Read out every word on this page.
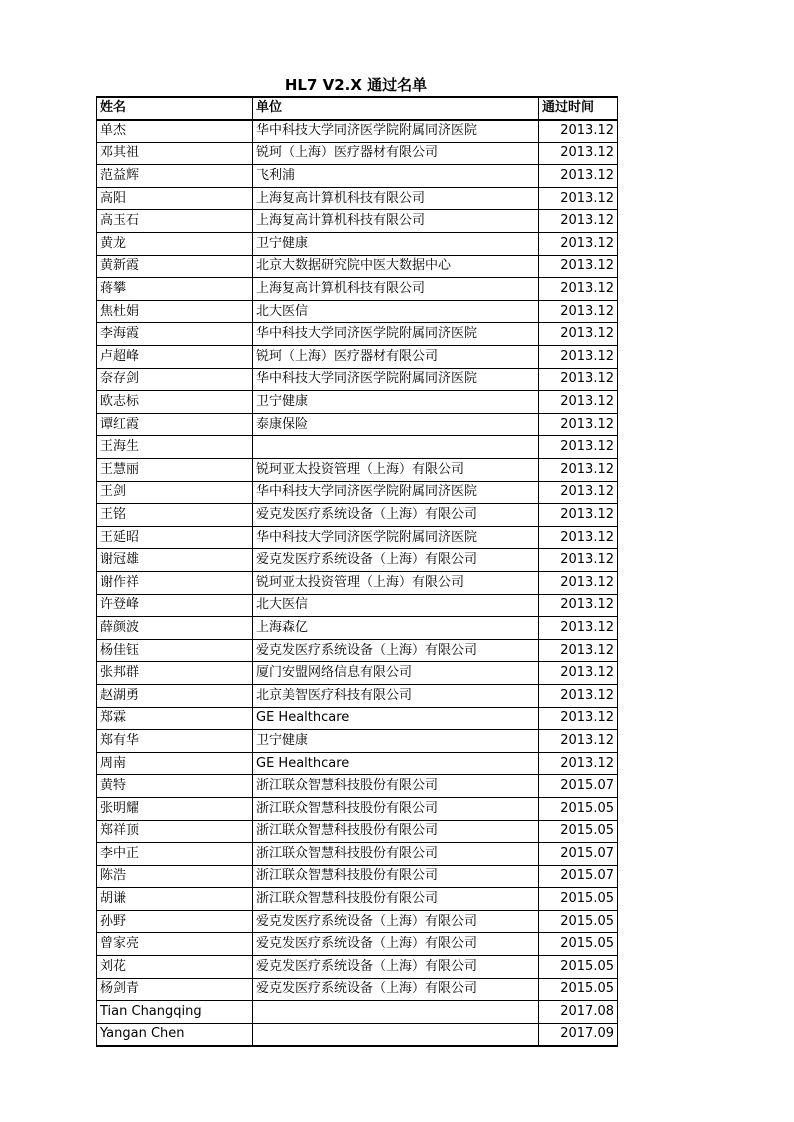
HL7 V2.X 通过名单
姓名	单位	通过时间
单杰	华中科技大学同济医学院附属同济医院	2013.12
邓其祖	锐珂（上海）医疗器材有限公司	2013.12
范益辉	飞利浦	2013.12
高阳	上海复高计算机科技有限公司	2013.12
高玉石	上海复高计算机科技有限公司	2013.12
黄龙	卫宁健康	2013.12
黄新霞	北京大数据研究院中医大数据中心	2013.12
蒋攀	上海复高计算机科技有限公司	2013.12
焦杜娟	北大医信	2013.12
李海霞	华中科技大学同济医学院附属同济医院	2013.12
卢超峰	锐珂（上海）医疗器材有限公司	2013.12
奈存剑	华中科技大学同济医学院附属同济医院	2013.12
欧志标	卫宁健康	2013.12
谭红霞	泰康保险	2013.12
王海生		2013.12
王慧丽	锐珂亚太投资管理（上海）有限公司	2013.12
王剑	华中科技大学同济医学院附属同济医院	2013.12
王铭	爱克发医疗系统设备（上海）有限公司	2013.12
王延昭	华中科技大学同济医学院附属同济医院	2013.12
谢冠雄	爱克发医疗系统设备（上海）有限公司	2013.12
谢作祥	锐珂亚太投资管理（上海）有限公司	2013.12
许登峰	北大医信	2013.12
薛颜波	上海森亿	2013.12
杨佳钰	爱克发医疗系统设备（上海）有限公司	2013.12
张邦群	厦门安盟网络信息有限公司	2013.12
赵湖勇	北京美智医疗科技有限公司	2013.12
郑霖	GE Healthcare	2013.12
郑有华	卫宁健康	2013.12
周南	GE Healthcare	2013.12
黄特	浙江联众智慧科技股份有限公司	2015.07
张明耀	浙江联众智慧科技股份有限公司	2015.05
郑祥顶	浙江联众智慧科技股份有限公司	2015.05
李中正	浙江联众智慧科技股份有限公司	2015.07
陈浩	浙江联众智慧科技股份有限公司	2015.07
胡谦	浙江联众智慧科技股份有限公司	2015.05
孙野	爱克发医疗系统设备（上海）有限公司	2015.05
曾家亮	爱克发医疗系统设备（上海）有限公司	2015.05
刘花	爱克发医疗系统设备（上海）有限公司	2015.05
杨剑青	爱克发医疗系统设备（上海）有限公司	2015.05
Tian Changqing		2017.08
Yangan Chen		2017.09
